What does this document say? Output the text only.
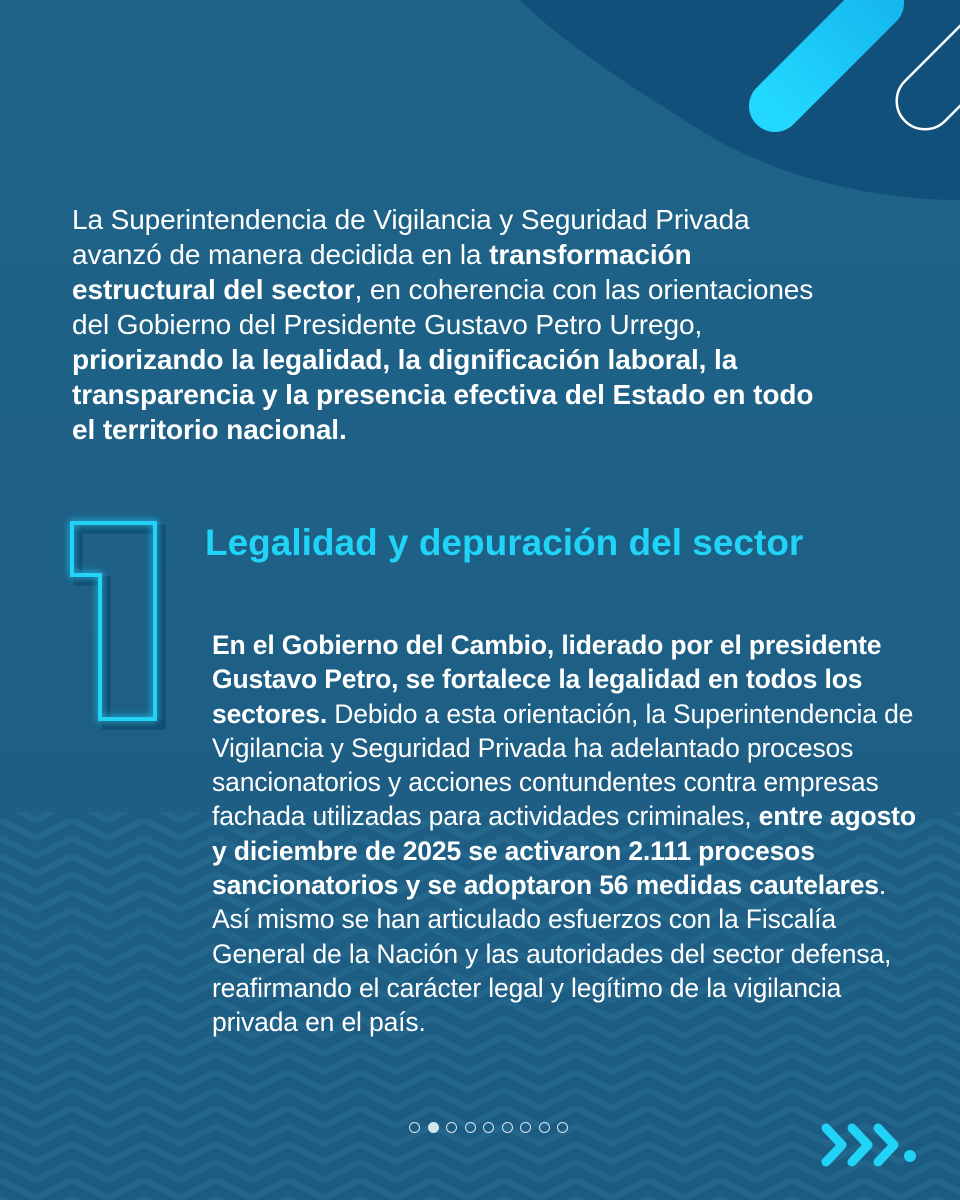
La Superintendencia de Vigilancia y Seguridad Privada avanzó de manera decidida en la transformación estructural del sector, en coherencia con las orientaciones del Gobierno del Presidente Gustavo Petro Urrego, priorizando la legalidad, la dignificación laboral, la transparencia y la presencia efectiva del Estado en todo el territorio nacional.

Legalidad y depuración del sector

En el Gobierno del Cambio, liderado por el presidente Gustavo Petro, se fortalece la legalidad en todos los sectores. Debido a esta orientación, la Superintendencia de Vigilancia y Seguridad Privada ha adelantado procesos sancionatorios y acciones contundentes contra empresas fachada utilizadas para actividades criminales, entre agosto y diciembre de 2025 se activaron 2.111 procesos sancionatorios y se adoptaron 56 medidas cautelares. Así mismo se han articulado esfuerzos con la Fiscalía General de la Nación y las autoridades del sector defensa, reafirmando el carácter legal y legítimo de la vigilancia privada en el país.
